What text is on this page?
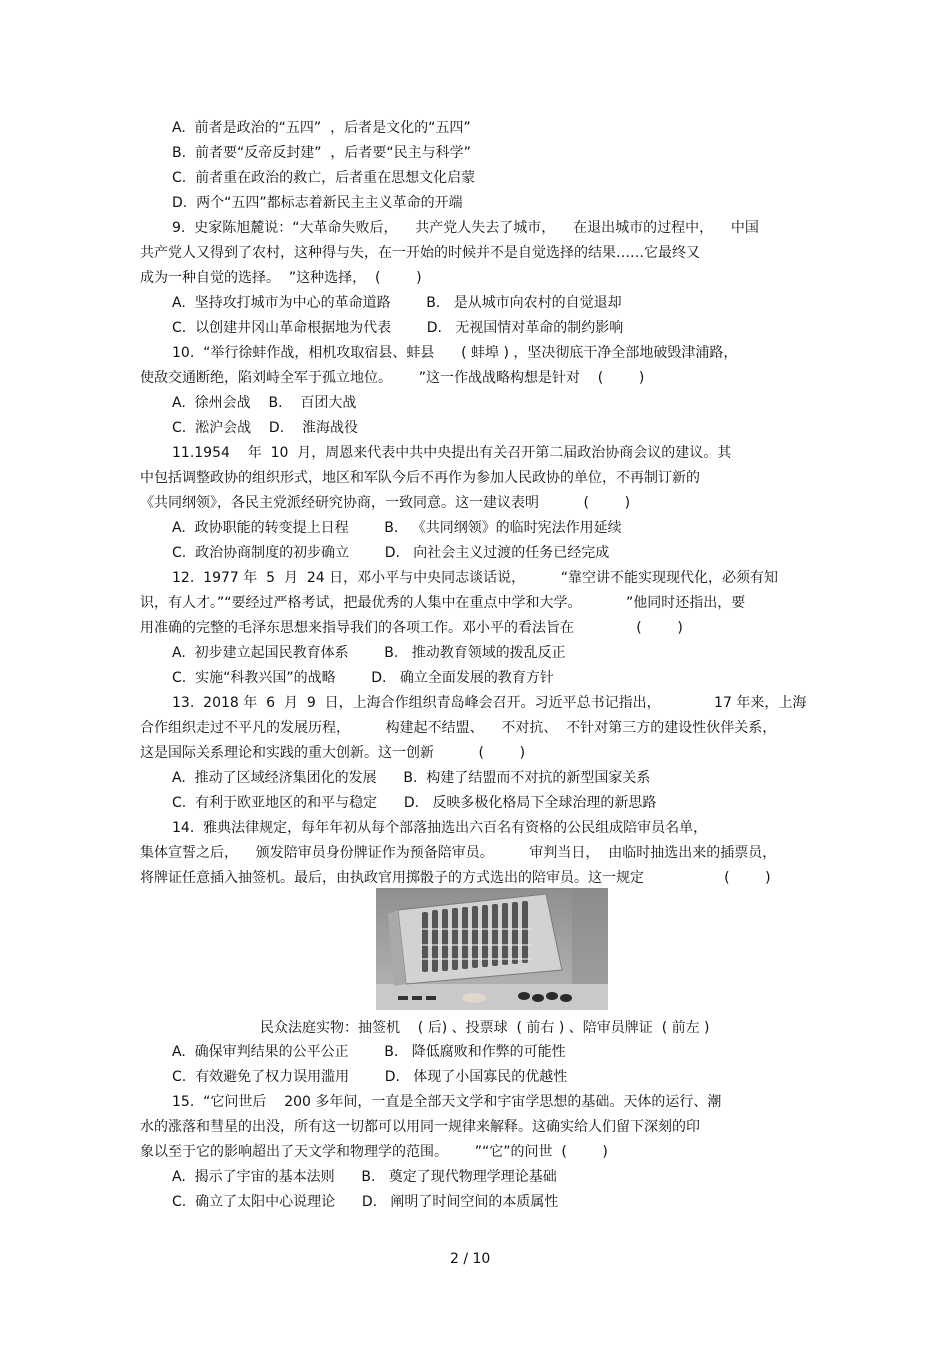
A.  前者是政治的“五四”  ，后者是文化的“五四”
B.  前者要“反帝反封建”  ，后者要“民主与科学”
C.  前者重在政治的救亡，后者重在思想文化启蒙
D.  两个“五四”都标志着新民主主义革命的开端
9.  史家陈旭麓说：“大革命失败后，    共产党人失去了城市，    在退出城市的过程中，    中国
共产党人又得到了农村，这种得与失，在一开始的时候并不是自觉选择的结果……它最终又
成为一种自觉的选择。  ”这种选择，  (        )
A.  坚持攻打城市为中心的革命道路        B.   是从城市向农村的自觉退却
C.  以创建井冈山革命根据地为代表        D.   无视国情对革命的制约影响
10.  “举行徐蚌作战，相机攻取宿县、蚌县      ( 蚌埠 ) ，坚决彻底干净全部地破毁津浦路，
使敌交通断绝，陷刘峙全军于孤立地位。      ”这一作战战略构想是针对    (        )
A.  徐州会战    B.    百团大战
C.  淞沪会战    D.    淮海战役
11.1954    年  10  月，周恩来代表中共中央提出有关召开第二届政治协商会议的建议。其
中包括调整政协的组织形式，地区和军队今后不再作为参加人民政协的单位，不再制订新的
《共同纲领》，各民主党派经研究协商，一致同意。这一建议表明          (        )
A.  政协职能的转变提上日程        B.   《共同纲领》的临时宪法作用延续
C.  政治协商制度的初步确立        D.   向社会主义过渡的任务已经完成
12.  1977 年  5  月  24 日，邓小平与中央同志谈话说，        “靠空讲不能实现现代化，必须有知
识，有人才。”“要经过严格考试，把最优秀的人集中在重点中学和大学。          ”他同时还指出，要
用准确的完整的毛泽东思想来指导我们的各项工作。邓小平的看法旨在              (        )
A.  初步建立起国民教育体系        B.   推动教育领域的拨乱反正
C.  实施“科教兴国”的战略        D.   确立全面发展的教育方针
13.  2018 年  6  月  9  日，上海合作组织青岛峰会召开。习近平总书记指出，            17 年来，上海
合作组织走过不平凡的发展历程，        构建起不结盟、    不对抗、  不针对第三方的建设性伙伴关系，
这是国际关系理论和实践的重大创新。这一创新          (        )
A.  推动了区域经济集团化的发展      B.  构建了结盟而不对抗的新型国家关系
C.  有利于欧亚地区的和平与稳定      D.   反映多极化格局下全球治理的新思路
14.  雅典法律规定，每年年初从每个部落抽选出六百名有资格的公民组成陪审员名单，
集体宣誓之后，    颁发陪审员身份牌证作为预备陪审员。        审判当日，  由临时抽选出来的插票员，
将牌证任意插入抽签机。最后，由执政官用掷骰子的方式选出的陪审员。这一规定                  (        )
民众法庭实物：抽签机    ( 后) 、投票球  ( 前右 ) 、陪审员牌证  ( 前左 )
A.  确保审判结果的公平公正        B.   降低腐败和作弊的可能性
C.  有效避免了权力误用滥用        D.   体现了小国寡民的优越性
15.  “它问世后    200 多年间，一直是全部天文学和宇宙学思想的基础。天体的运行、潮
水的涨落和彗星的出没，所有这一切都可以用同一规律来解释。这确实给人们留下深刻的印
象以至于它的影响超出了天文学和物理学的范围。      ”“它”的问世  (        )
A.  揭示了宇宙的基本法则      B.   奠定了现代物理学理论基础
C.  确立了太阳中心说理论      D.   阐明了时间空间的本质属性
2 / 10
